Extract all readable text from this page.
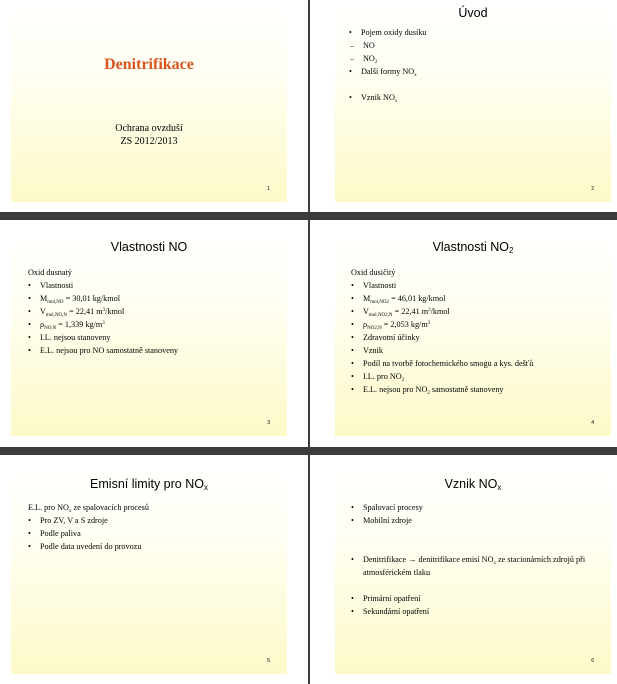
Denitrifikace
Ochrana ovzduší
ZS 2012/2013
1
Úvod
• Pojem oxidy dusíku
– NO
– $NO_2$
• Další formy $NO_x$
• Vznik $NO_x$
2
Vlastnosti NO
Oxid dusnatý
• Vlastnosti
• $M_{mol,NO} = 30,01$ kg/kmol
• $V_{mol,NO,N} = 22,41$ $m^3$/kmol
• $\rho_{NO,N} = 1,339$ $kg/m^3$
• I.L. nejsou stanoveny
• E.L. nejsou pro NO samostatně stanoveny
3
Vlastnosti $NO_2$
Oxid dusičitý
• Vlastnosti
• $M_{mol,NO2} = 46,01$ kg/kmol
• $V_{mol,NO2,N} = 22,41$ $m^3$/kmol
• $\rho_{NO2,N} = 2,053$ $kg/m^3$
• Zdravotní účinky
• Vznik
• Podíl na tvorbě fotochemického smogu a kys. dešťů
• I.L. pro $NO_2$
• E.L. nejsou pro $NO_2$ samostatně stanoveny
4
Emisní limity pro $NO_x$
E.L. pro $NO_x$ ze spalovacích procesů
• Pro ZV, V a S zdroje
• Podle paliva
• Podle data uvedení do provozu
5
Vznik $NO_x$
• Spalovací procesy
• Mobilní zdroje
• Denitrifikace → denitrifikace emisí $NO_x$ ze stacionárních zdrojů při atmosférickém tlaku
• Primární opatření
• Sekundární opatření
6
